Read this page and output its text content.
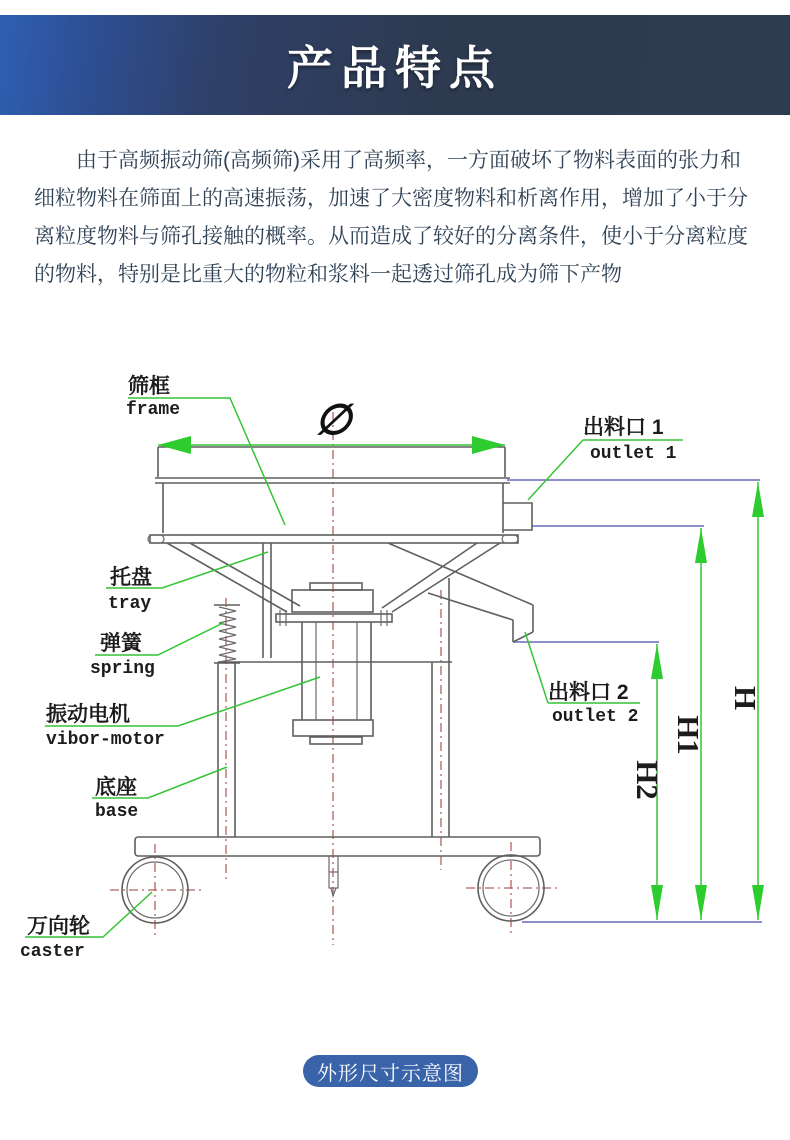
产品特点
由于高频振动筛(高频筛)采用了高频率，一方面破坏了物料表面的张力和细粒物料在筛面上的高速振荡，加速了大密度物料和析离作用，增加了小于分离粒度物料与筛孔接触的概率。从而造成了较好的分离条件，使小于分离粒度的物料，特别是比重大的物粒和浆料一起透过筛孔成为筛下产物
∅
筛框
frame
出料口 1
outlet 1
托盘
tray
弹簧
spring
振动电机
vibor-motor
底座
base
万向轮
caster
出料口 2
outlet 2
H2
H1
H
外形尺寸示意图
